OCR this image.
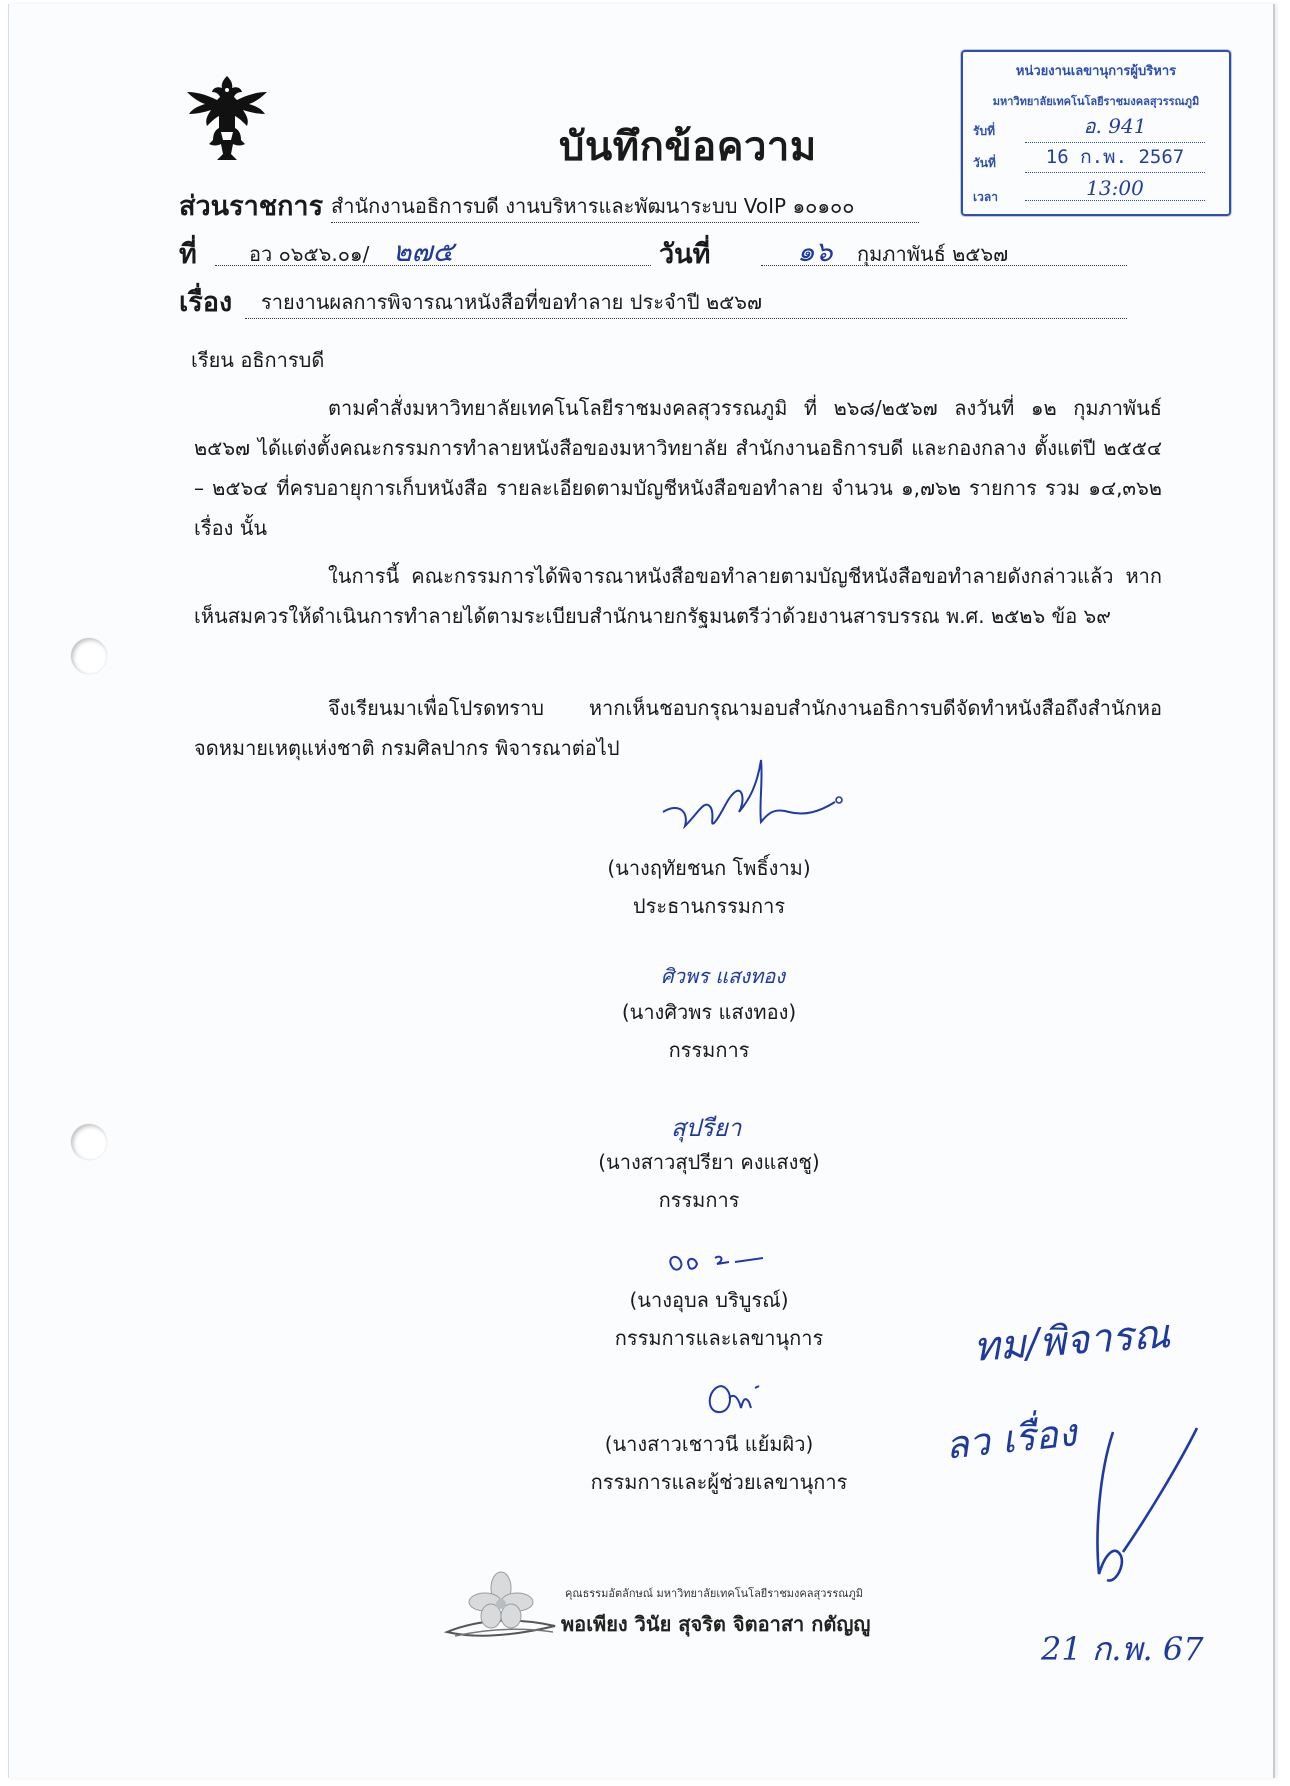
บันทึกข้อความ
หน่วยงานเลขานุการผู้บริหาร
มหาวิทยาลัยเทคโนโลยีราชมงคลสุวรรณภูมิ
รับที่	อ. 941
วันที่	16 ก.พ. 2567
เวลา	13:00
ส่วนราชการ สำนักงานอธิการบดี งานบริหารและพัฒนาระบบ VoIP ๑๐๑๐๐
ที่	อว ๐๖๕๖.๐๑/ ๒๗๕	วันที่	๑๖ กุมภาพันธ์ ๒๕๖๗
เรื่อง	รายงานผลการพิจารณาหนังสือที่ขอทำลาย ประจำปี ๒๕๖๗
เรียน อธิการบดี
ตามคำสั่งมหาวิทยาลัยเทคโนโลยีราชมงคลสุวรรณภูมิ ที่ ๒๖๘/๒๕๖๗ ลงวันที่ ๑๒ กุมภาพันธ์ ๒๕๖๗ ได้แต่งตั้งคณะกรรมการทำลายหนังสือของมหาวิทยาลัย สำนักงานอธิการบดี และกองกลาง ตั้งแต่ปี ๒๕๕๔ – ๒๕๖๔ ที่ครบอายุการเก็บหนังสือ รายละเอียดตามบัญชีหนังสือขอทำลาย จำนวน ๑,๗๖๒ รายการ รวม ๑๔,๓๖๒ เรื่อง นั้น
ในการนี้ คณะกรรมการได้พิจารณาหนังสือขอทำลายตามบัญชีหนังสือขอทำลายดังกล่าวแล้ว หากเห็นสมควรให้ดำเนินการทำลายได้ตามระเบียบสำนักนายกรัฐมนตรีว่าด้วยงานสารบรรณ พ.ศ. ๒๕๒๖ ข้อ ๖๙
จึงเรียนมาเพื่อโปรดทราบ หากเห็นชอบกรุณามอบสำนักงานอธิการบดีจัดทำหนังสือถึงสำนักหอจดหมายเหตุแห่งชาติ กรมศิลปากร พิจารณาต่อไป
(นางฤทัยชนก โพธิ์งาม)
ประธานกรรมการ
ศิวพร แสงทอง
(นางศิวพร แสงทอง)
กรรมการ
สุปรียา
(นางสาวสุปรียา คงแสงชู)
กรรมการ
(นางอุบล บริบูรณ์)
กรรมการและเลขานุการ
(นางสาวเชาวนี แย้มผิว)
กรรมการและผู้ช่วยเลขานุการ
ทม/พิจารณ
ลว เรื่อง
21 ก.พ. 67
คุณธรรมอัตลักษณ์ มหาวิทยาลัยเทคโนโลยีราชมงคลสุวรรณภูมิ
พอเพียง วินัย สุจริต จิตอาสา กตัญญู
